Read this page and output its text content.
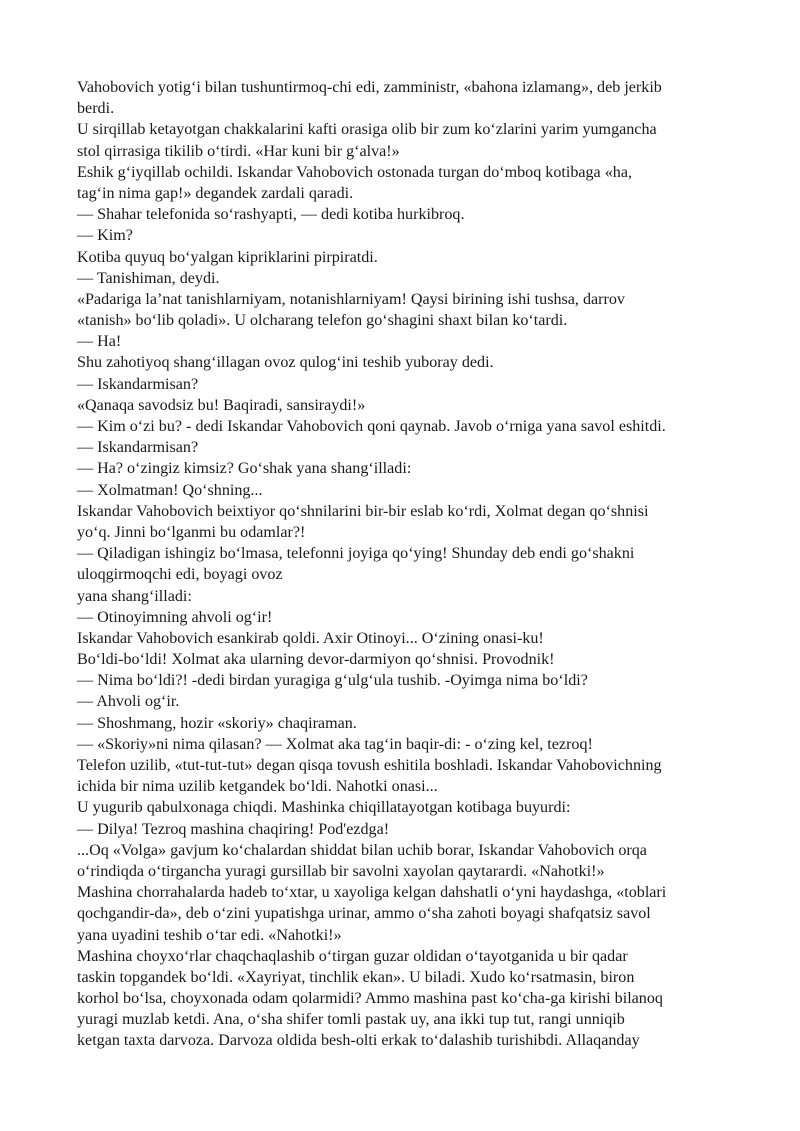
Vahobovich yotig‘i bilan tushuntirmoq-chi edi, zamministr, «bahona izlamang», deb jerkib
berdi.
U sirqillab ketayotgan chakkalarini kafti orasiga olib bir zum ko‘zlarini yarim yumgancha
stol qirrasiga tikilib o‘tirdi. «Har kuni bir g‘alva!»
Eshik g‘iyqillab ochildi. Iskandar Vahobovich ostonada turgan do‘mboq kotibaga «ha,
tag‘in nima gap!» degandek zardali qaradi.
— Shahar telefonida so‘rashyapti, — dedi kotiba hurkibroq.
— Kim?
Kotiba quyuq bo‘yalgan kipriklarini pirpiratdi.
— Tanishiman, deydi.
«Padariga la’nat tanishlarniyam, notanishlarniyam! Qaysi birining ishi tushsa, darrov
«tanish» bo‘lib qoladi». U olcharang telefon go‘shagini shaxt bilan ko‘tardi.
— Ha!
Shu zahotiyoq shang‘illagan ovoz qulog‘ini teshib yuboray dedi.
— Iskandarmisan?
«Qanaqa savodsiz bu! Baqiradi, sansiraydi!»
— Kim o‘zi bu? - dedi Iskandar Vahobovich qoni qaynab. Javob o‘rniga yana savol eshitdi.
— Iskandarmisan?
— Ha? o‘zingiz kimsiz? Go‘shak yana shang‘illadi:
— Xolmatman! Qo‘shning...
Iskandar Vahobovich beixtiyor qo‘shnilarini bir-bir eslab ko‘rdi, Xolmat degan qo‘shnisi
yo‘q. Jinni bo‘lganmi bu odamlar?!
— Qiladigan ishingiz bo‘lmasa, telefonni joyiga qo‘ying! Shunday deb endi go‘shakni
uloqgirmoqchi edi, boyagi ovoz
yana shang‘illadi:
— Otinoyimning ahvoli og‘ir!
Iskandar Vahobovich esankirab qoldi. Axir Otinoyi... O‘zining onasi-ku!
Bo‘ldi-bo‘ldi! Xolmat aka ularning devor-darmiyon qo‘shnisi. Provodnik!
— Nima bo‘ldi?! -dedi birdan yuragiga g‘ulg‘ula tushib. -Oyimga nima bo‘ldi?
— Ahvoli og‘ir.
— Shoshmang, hozir «skoriy» chaqiraman.
— «Skoriy»ni nima qilasan? — Xolmat aka tag‘in baqir-di: - o‘zing kel, tezroq!
Telefon uzilib, «tut-tut-tut» degan qisqa tovush eshitila boshladi. Iskandar Vahobovichning
ichida bir nima uzilib ketgandek bo‘ldi. Nahotki onasi...
U yugurib qabulxonaga chiqdi. Mashinka chiqillatayotgan kotibaga buyurdi:
— Dilya! Tezroq mashina chaqiring! Pod'ezdga!
...Oq «Volga» gavjum ko‘chalardan shiddat bilan uchib borar, Iskandar Vahobovich orqa
o‘rindiqda o‘tirgancha yuragi gursillab bir savolni xayolan qaytarardi. «Nahotki!»
Mashina chorrahalarda hadeb to‘xtar, u xayoliga kelgan dahshatli o‘yni haydashga, «toblari
qochgandir-da», deb o‘zini yupatishga urinar, ammo o‘sha zahoti boyagi shafqatsiz savol
yana uyadini teshib o‘tar edi. «Nahotki!»
Mashina choyxo‘rlar chaqchaqlashib o‘tirgan guzar oldidan o‘tayotganida u bir qadar
taskin topgandek bo‘ldi. «Xayriyat, tinchlik ekan». U biladi. Xudo ko‘rsatmasin, biron
korhol bo‘lsa, choyxonada odam qolarmidi? Ammo mashina past ko‘cha-ga kirishi bilanoq
yuragi muzlab ketdi. Ana, o‘sha shifer tomli pastak uy, ana ikki tup tut, rangi unniqib
ketgan taxta darvoza. Darvoza oldida besh-olti erkak to‘dalashib turishibdi. Allaqanday
